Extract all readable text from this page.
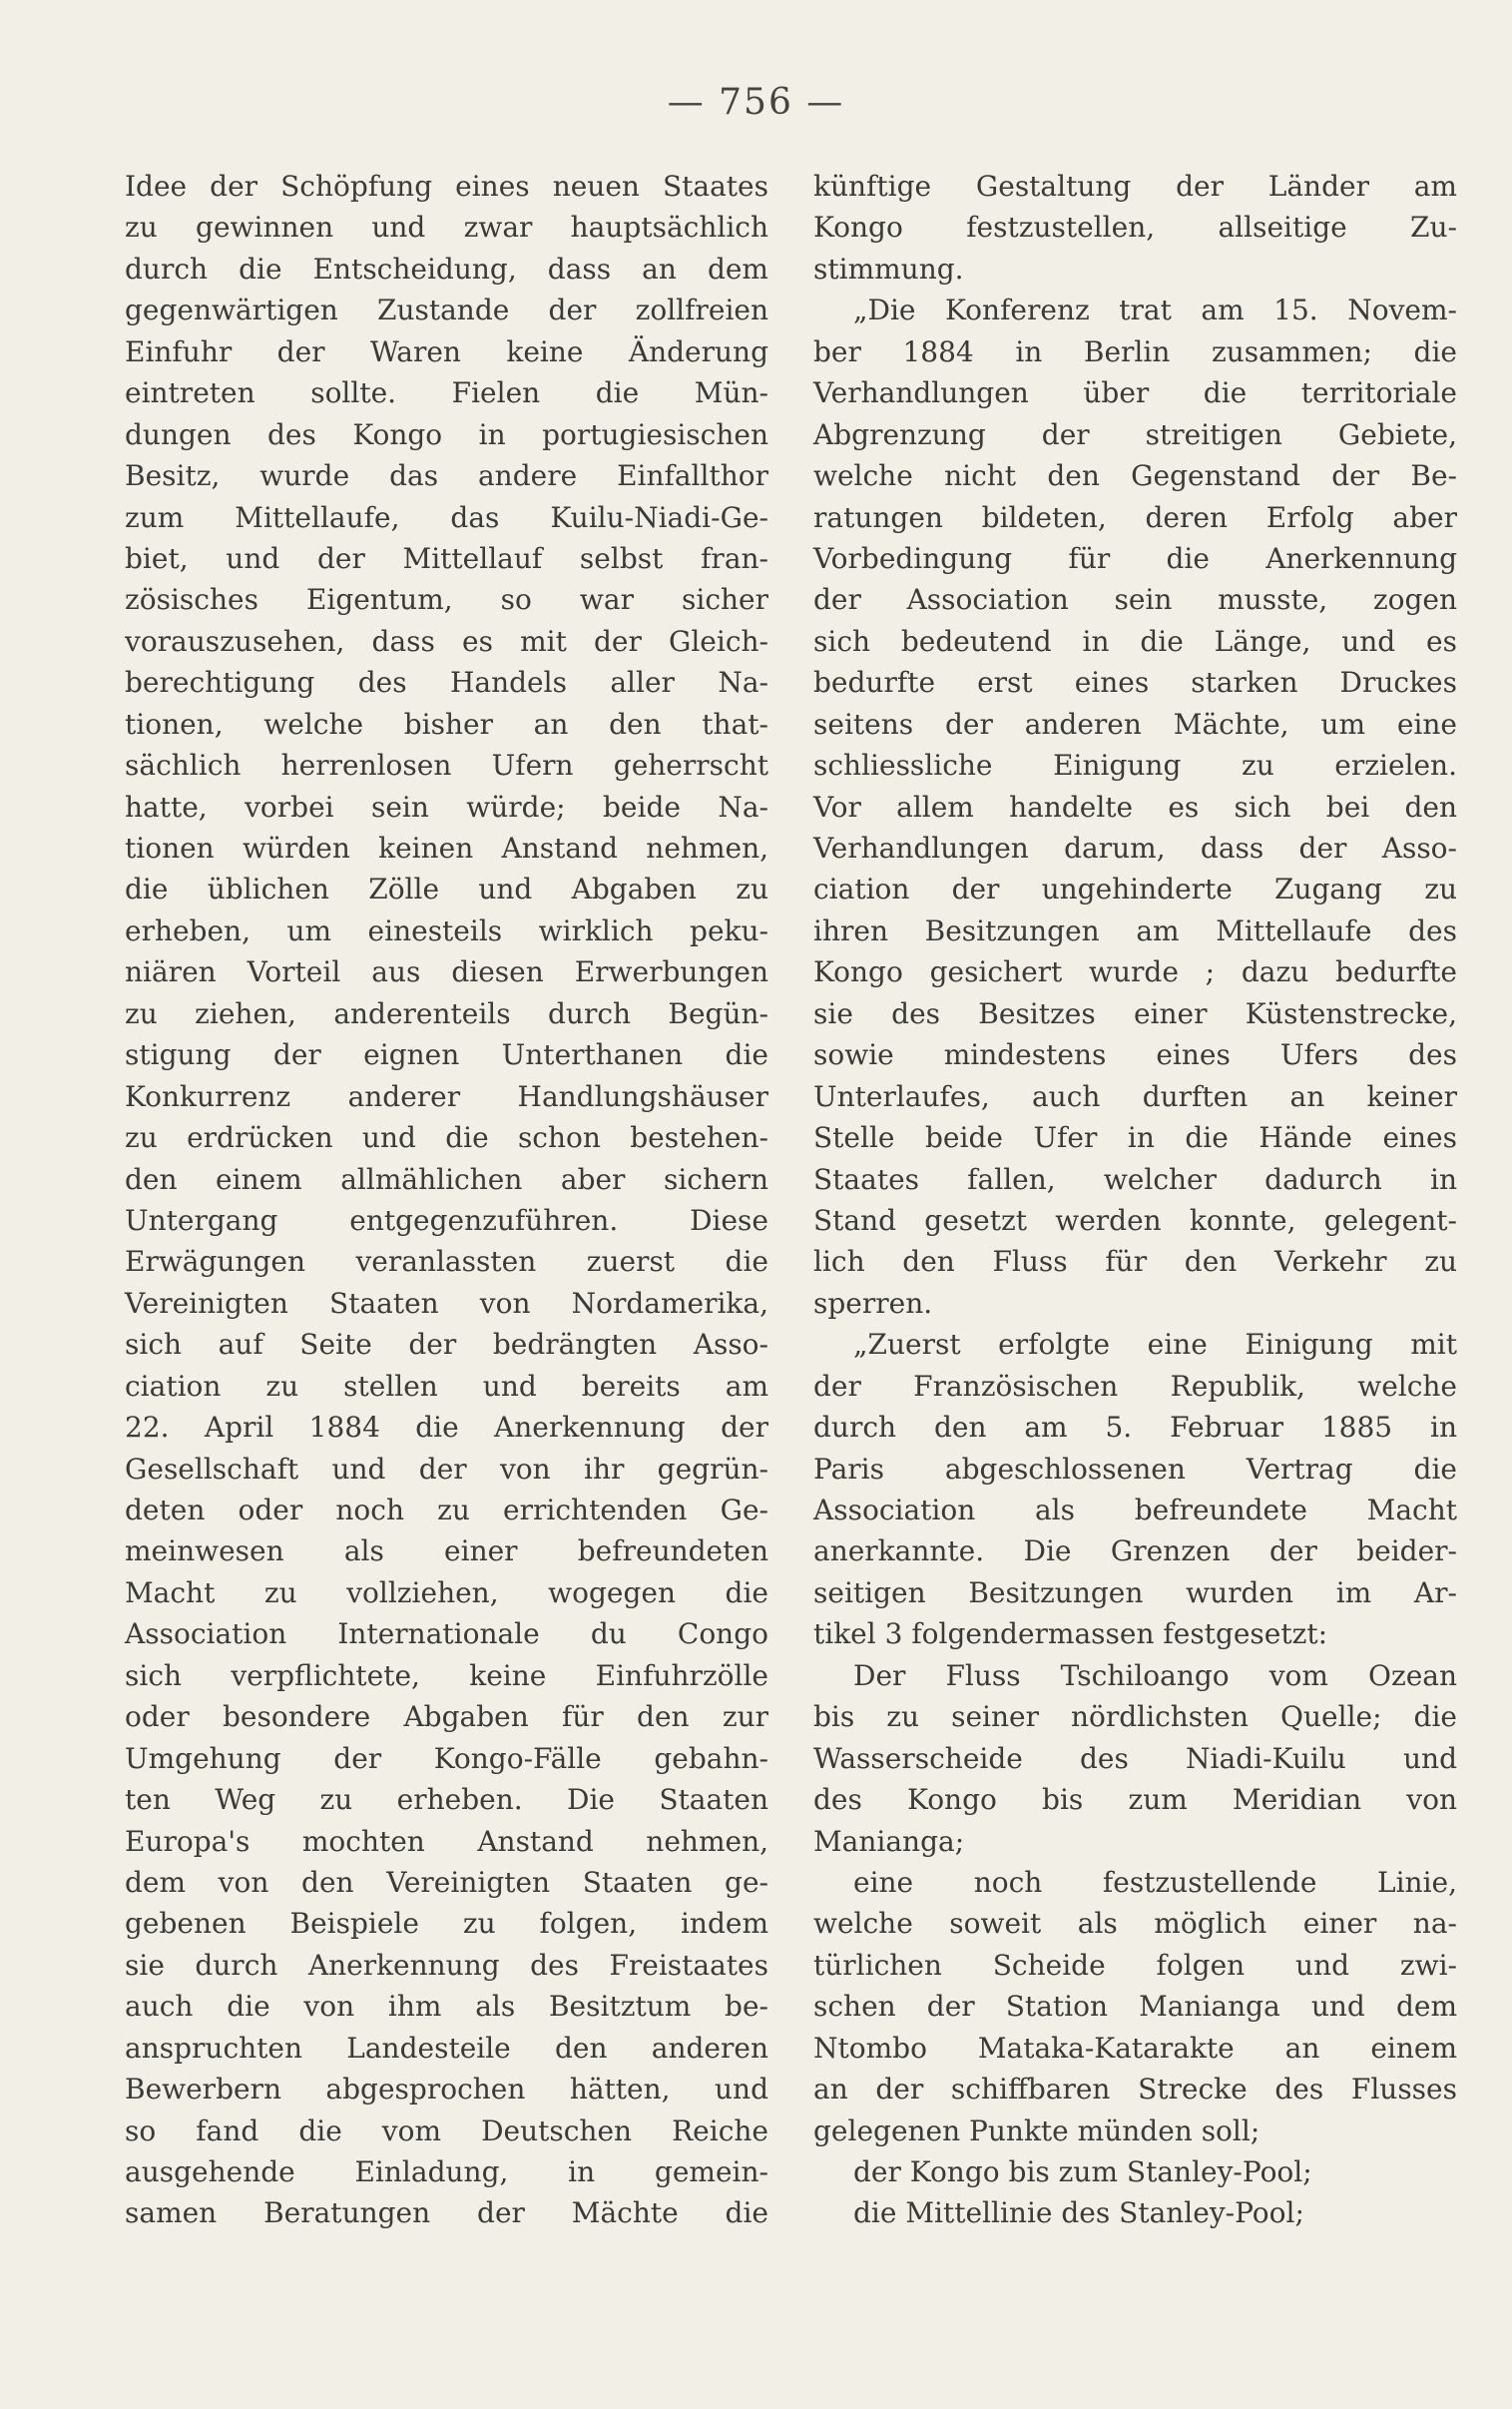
— 756 —
Idee der Schöpfung eines neuen Staates
zu gewinnen und zwar hauptsächlich
durch die Entscheidung, dass an dem
gegenwärtigen Zustande der zollfreien
Einfuhr der Waren keine Änderung
eintreten sollte. Fielen die Mün-
dungen des Kongo in portugiesischen
Besitz, wurde das andere Einfallthor
zum Mittellaufe, das Kuilu-Niadi-Ge-
biet, und der Mittellauf selbst fran-
zösisches Eigentum, so war sicher
vorauszusehen, dass es mit der Gleich-
berechtigung des Handels aller Na-
tionen, welche bisher an den that-
sächlich herrenlosen Ufern geherrscht
hatte, vorbei sein würde; beide Na-
tionen würden keinen Anstand nehmen,
die üblichen Zölle und Abgaben zu
erheben, um einesteils wirklich peku-
niären Vorteil aus diesen Erwerbungen
zu ziehen, anderenteils durch Begün-
stigung der eignen Unterthanen die
Konkurrenz anderer Handlungshäuser
zu erdrücken und die schon bestehen-
den einem allmählichen aber sichern
Untergang entgegenzuführen. Diese
Erwägungen veranlassten zuerst die
Vereinigten Staaten von Nordamerika,
sich auf Seite der bedrängten Asso-
ciation zu stellen und bereits am
22. April 1884 die Anerkennung der
Gesellschaft und der von ihr gegrün-
deten oder noch zu errichtenden Ge-
meinwesen als einer befreundeten
Macht zu vollziehen, wogegen die
Association Internationale du Congo
sich verpflichtete, keine Einfuhrzölle
oder besondere Abgaben für den zur
Umgehung der Kongo-Fälle gebahn-
ten Weg zu erheben. Die Staaten
Europa's mochten Anstand nehmen,
dem von den Vereinigten Staaten ge-
gebenen Beispiele zu folgen, indem
sie durch Anerkennung des Freistaates
auch die von ihm als Besitztum be-
anspruchten Landesteile den anderen
Bewerbern abgesprochen hätten, und
so fand die vom Deutschen Reiche
ausgehende Einladung, in gemein-
samen Beratungen der Mächte die
künftige Gestaltung der Länder am
Kongo festzustellen, allseitige Zu-
stimmung.
„Die Konferenz trat am 15. Novem-
ber 1884 in Berlin zusammen; die
Verhandlungen über die territoriale
Abgrenzung der streitigen Gebiete,
welche nicht den Gegenstand der Be-
ratungen bildeten, deren Erfolg aber
Vorbedingung für die Anerkennung
der Association sein musste, zogen
sich bedeutend in die Länge, und es
bedurfte erst eines starken Druckes
seitens der anderen Mächte, um eine
schliessliche Einigung zu erzielen.
Vor allem handelte es sich bei den
Verhandlungen darum, dass der Asso-
ciation der ungehinderte Zugang zu
ihren Besitzungen am Mittellaufe des
Kongo gesichert wurde ; dazu bedurfte
sie des Besitzes einer Küstenstrecke,
sowie mindestens eines Ufers des
Unterlaufes, auch durften an keiner
Stelle beide Ufer in die Hände eines
Staates fallen, welcher dadurch in
Stand gesetzt werden konnte, gelegent-
lich den Fluss für den Verkehr zu
sperren.
„Zuerst erfolgte eine Einigung mit
der Französischen Republik, welche
durch den am 5. Februar 1885 in
Paris abgeschlossenen Vertrag die
Association als befreundete Macht
anerkannte. Die Grenzen der beider-
seitigen Besitzungen wurden im Ar-
tikel 3 folgendermassen festgesetzt:
Der Fluss Tschiloango vom Ozean
bis zu seiner nördlichsten Quelle; die
Wasserscheide des Niadi-Kuilu und
des Kongo bis zum Meridian von
Manianga;
eine noch festzustellende Linie,
welche soweit als möglich einer na-
türlichen Scheide folgen und zwi-
schen der Station Manianga und dem
Ntombo Mataka-Katarakte an einem
an der schiffbaren Strecke des Flusses
gelegenen Punkte münden soll;
der Kongo bis zum Stanley-Pool;
die Mittellinie des Stanley-Pool;
